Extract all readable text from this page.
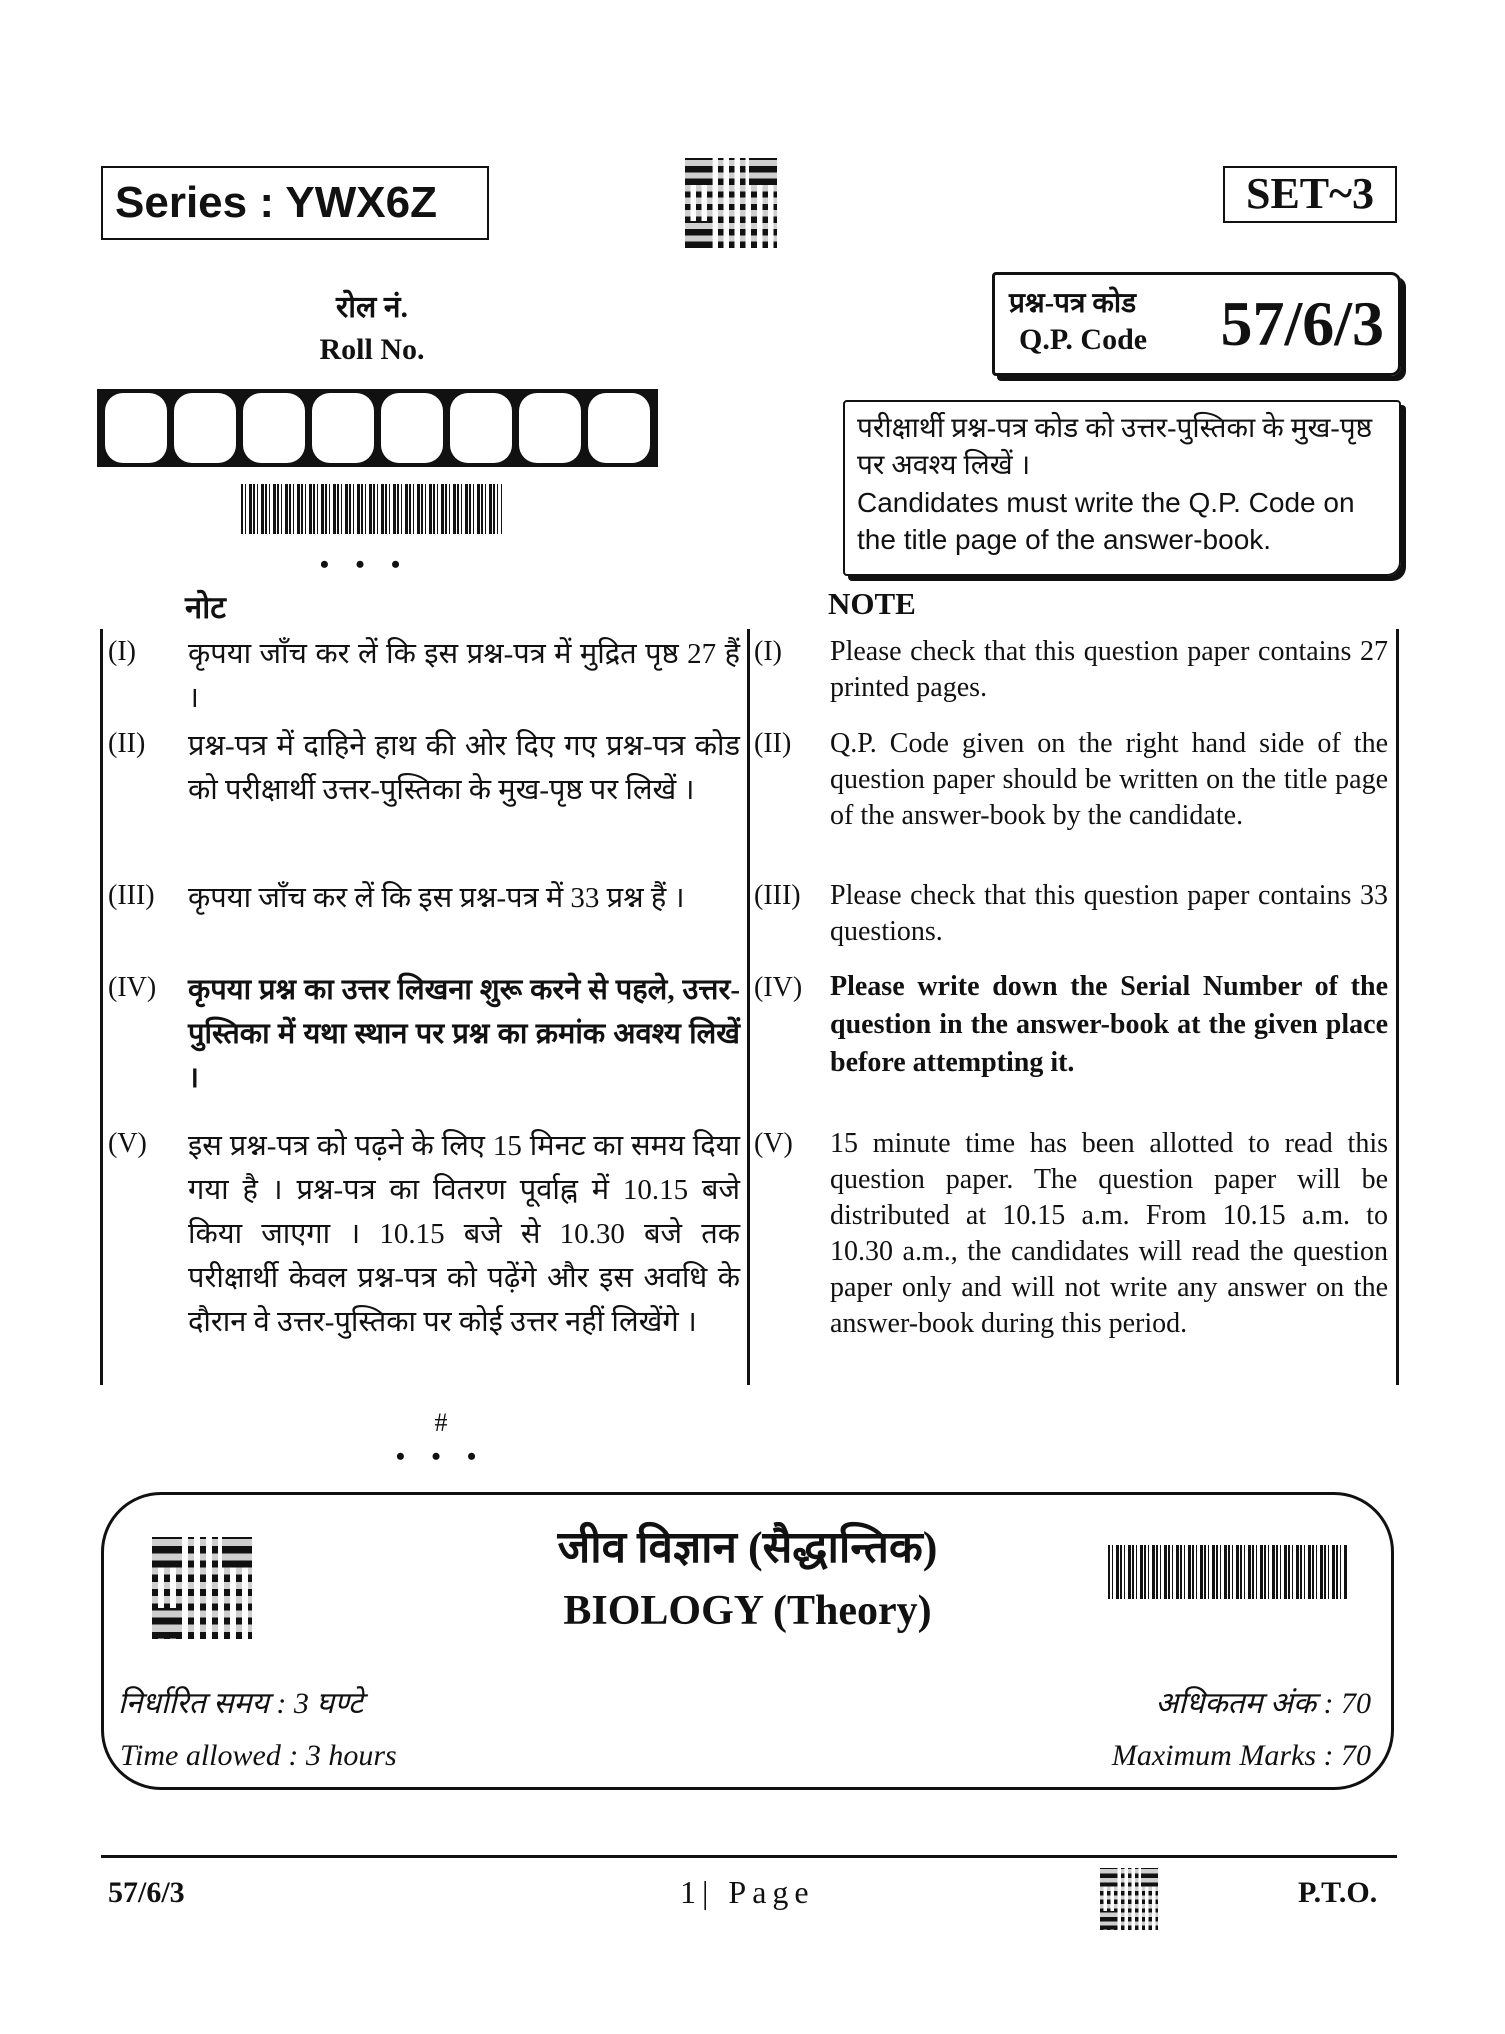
Series : YWX6Z	SET~3
रोल नं.
Roll No.
• • •
प्रश्न-पत्र कोड
Q.P. Code 57/6/3
परीक्षार्थी प्रश्न-पत्र कोड को उत्तर-पुस्तिका के मुख-पृष्ठ पर अवश्य लिखें ।
Candidates must write the Q.P. Code on the title page of the answer-book.
नोट	NOTE
(I) कृपया जाँच कर लें कि इस प्रश्न-पत्र में मुद्रित पृष्ठ 27 हैं ।
(I) Please check that this question paper contains 27 printed pages.
(II) प्रश्न-पत्र में दाहिने हाथ की ओर दिए गए प्रश्न-पत्र कोड को परीक्षार्थी उत्तर-पुस्तिका के मुख-पृष्ठ पर लिखें ।
(II) Q.P. Code given on the right hand side of the question paper should be written on the title page of the answer-book by the candidate.
(III) कृपया जाँच कर लें कि इस प्रश्न-पत्र में 33 प्रश्न हैं ।	(III) Please check that this question paper contains 33 questions.
(IV) कृपया प्रश्न का उत्तर लिखना शुरू करने से पहले, उत्तर-पुस्तिका में यथा स्थान पर प्रश्न का क्रमांक अवश्य लिखें ।
(IV) Please write down the Serial Number of the question in the answer-book at the given place before attempting it.
(V) इस प्रश्न-पत्र को पढ़ने के लिए 15 मिनट का समय दिया गया है । प्रश्न-पत्र का वितरण पूर्वाह्न में 10.15 बजे किया जाएगा । 10.15 बजे से 10.30 बजे तक परीक्षार्थी केवल प्रश्न-पत्र को पढ़ेंगे और इस अवधि के दौरान वे उत्तर-पुस्तिका पर कोई उत्तर नहीं लिखेंगे ।
(V) 15 minute time has been allotted to read this question paper. The question paper will be distributed at 10.15 a.m. From 10.15 a.m. to 10.30 a.m., the candidates will read the question paper only and will not write any answer on the answer-book during this period.
#
• • •
जीव विज्ञान (सैद्धान्तिक)
BIOLOGY (Theory)
निर्धारित समय : 3 घण्टे
Time allowed : 3 hours
अधिकतम अंक : 70
Maximum Marks : 70
57/6/3	1| Page	P.T.O.
